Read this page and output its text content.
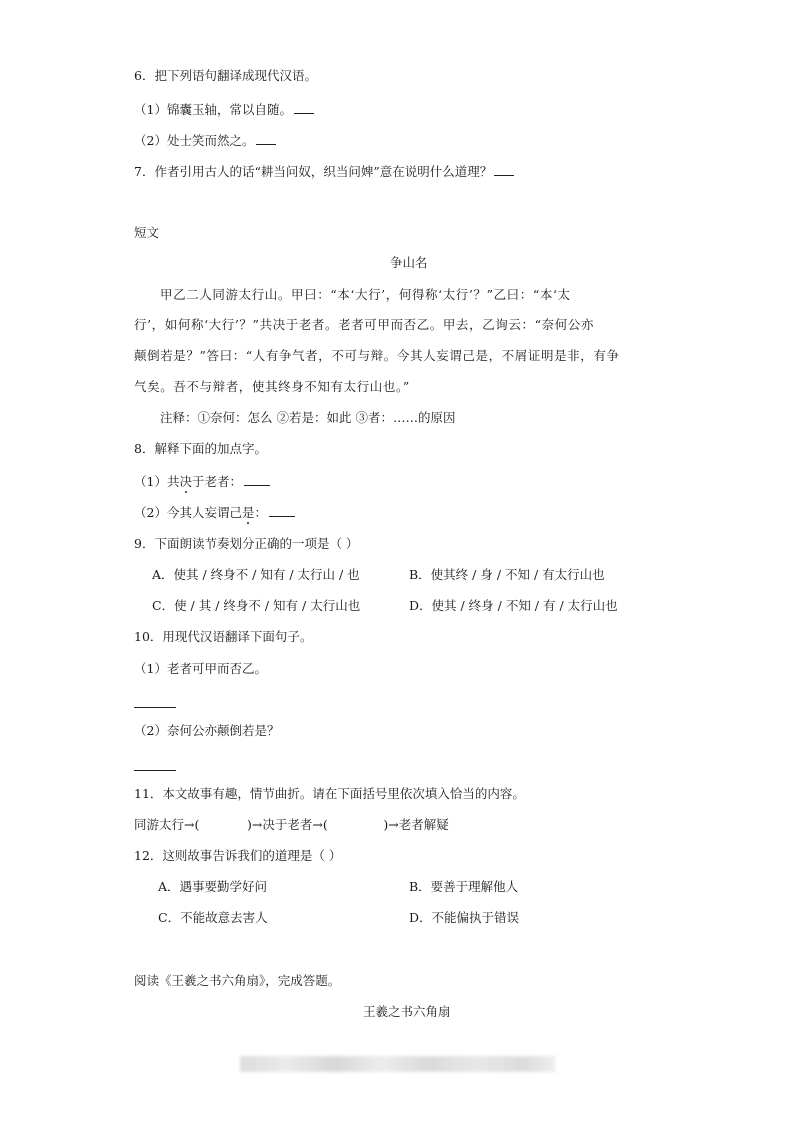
6．把下列语句翻译成现代汉语。
（1）锦囊玉轴，常以自随。
（2）处士笑而然之。
7．作者引用古人的话“耕当问奴，织当问婢”意在说明什么道理？
短文
争山名
甲乙二人同游太行山。甲曰：“本‘大行’，何得称‘太行’？”乙曰：“本‘太
行’，如何称‘大行’？”共决于老者。老者可甲而否乙。甲去，乙询云：“奈何公亦
颠倒若是？”答曰：“人有争气者，不可与辩。今其人妄谓己是，不屑证明是非，有争
气矣。吾不与辩者，使其终身不知有太行山也。”
注释：①奈何：怎么 ②若是：如此 ③者：……的原因
8．解释下面的加点字。
（1）共决于老者：
（2）今其人妄谓己是：
9．下面朗读节奏划分正确的一项是（ ）
A．使其 / 终身不 / 知有 / 太行山 / 也	B．使其终 / 身 / 不知 / 有太行山也
C．使 / 其 / 终身不 / 知有 / 太行山也	D．使其 / 终身 / 不知 / 有 / 太行山也
10．用现代汉语翻译下面句子。
（1）老者可甲而否乙。
（2）奈何公亦颠倒若是？
11．本文故事有趣，情节曲折。请在下面括号里依次填入恰当的内容。
同游太行→(            )→决于老者→(              )→老者解疑
12．这则故事告诉我们的道理是（ ）
A．遇事要勤学好问	B．要善于理解他人
C．不能故意去害人	D．不能偏执于错误
阅读《王羲之书六角扇》，完成答题。
王羲之书六角扇
